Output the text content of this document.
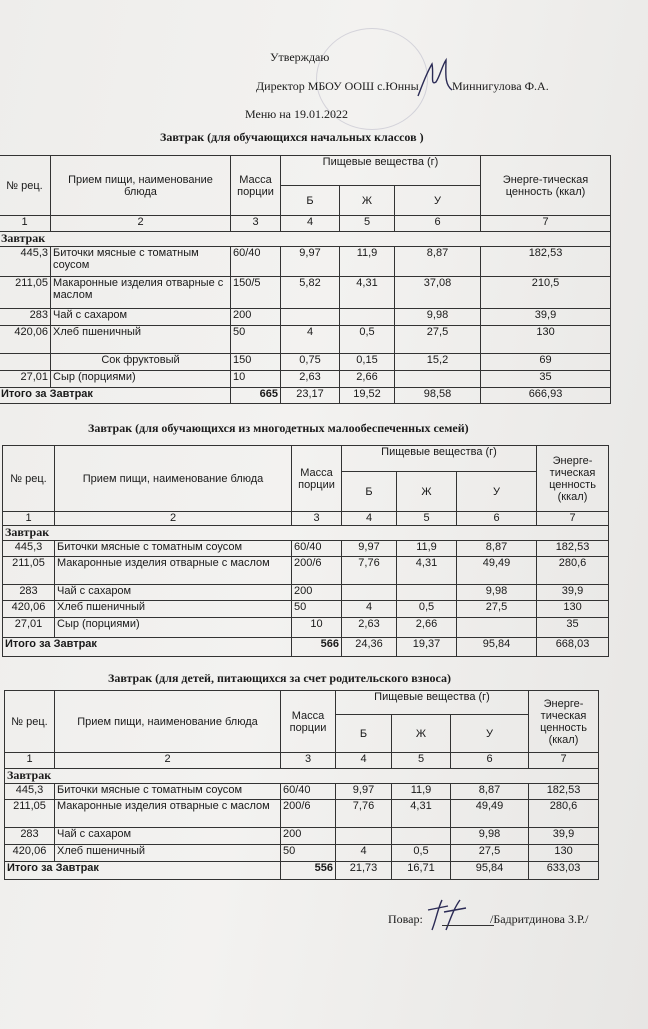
Утверждаю
Директор МБОУ ООШ с.Юнны	Миннигулова Ф.А.
Меню на 19.01.2022
Завтрак (для обучающихся начальных классов )
№ рец.	Прием пищи, наименование блюда	Масса порции	Пищевые вещества (г)			Энерге-тическая ценность (ккал)
			Б	Ж	У	
1	2	3	4	5	6	7
Завтрак						
445,3	Биточки мясные с томатным соусом	60/40	9,97	11,9	8,87	182,53
211,05	Макаронные изделия отварные с маслом	150/5	5,82	4,31	37,08	210,5
283	Чай с сахаром	200			9,98	39,9
420,06	Хлеб пшеничный	50	4	0,5	27,5	130
	Сок фруктовый	150	0,75	0,15	15,2	69
27,01	Сыр (порциями)	10	2,63	2,66		35
Итого за Завтрак		665	23,17	19,52	98,58	666,93
Завтрак (для обучающихся из многодетных малообеспеченных семей)
№ рец.	Прием пищи, наименование блюда	Масса порции	Пищевые вещества (г)			Энерге-тическая ценность (ккал)
			Б	Ж	У	
1	2	3	4	5	6	7
Завтрак						
445,3	Биточки мясные с томатным соусом	60/40	9,97	11,9	8,87	182,53
211,05	Макаронные изделия отварные с маслом	200/6	7,76	4,31	49,49	280,6
283	Чай с сахаром	200			9,98	39,9
420,06	Хлеб пшеничный	50	4	0,5	27,5	130
27,01	Сыр (порциями)	10	2,63	2,66		35
Итого за Завтрак		566	24,36	19,37	95,84	668,03
Завтрак (для детей, питающихся за счет родительского взноса)
№ рец.	Прием пищи, наименование блюда	Масса порции	Пищевые вещества (г)			Энерге-тическая ценность (ккал)
			Б	Ж	У	
1	2	3	4	5	6	7
Завтрак						
445,3	Биточки мясные с томатным соусом	60/40	9,97	11,9	8,87	182,53
211,05	Макаронные изделия отварные с маслом	200/6	7,76	4,31	49,49	280,6
283	Чай с сахаром	200			9,98	39,9
420,06	Хлеб пшеничный	50	4	0,5	27,5	130
Итого за Завтрак		556	21,73	16,71	95,84	633,03
Повар:	/Бадритдинова З.Р./
